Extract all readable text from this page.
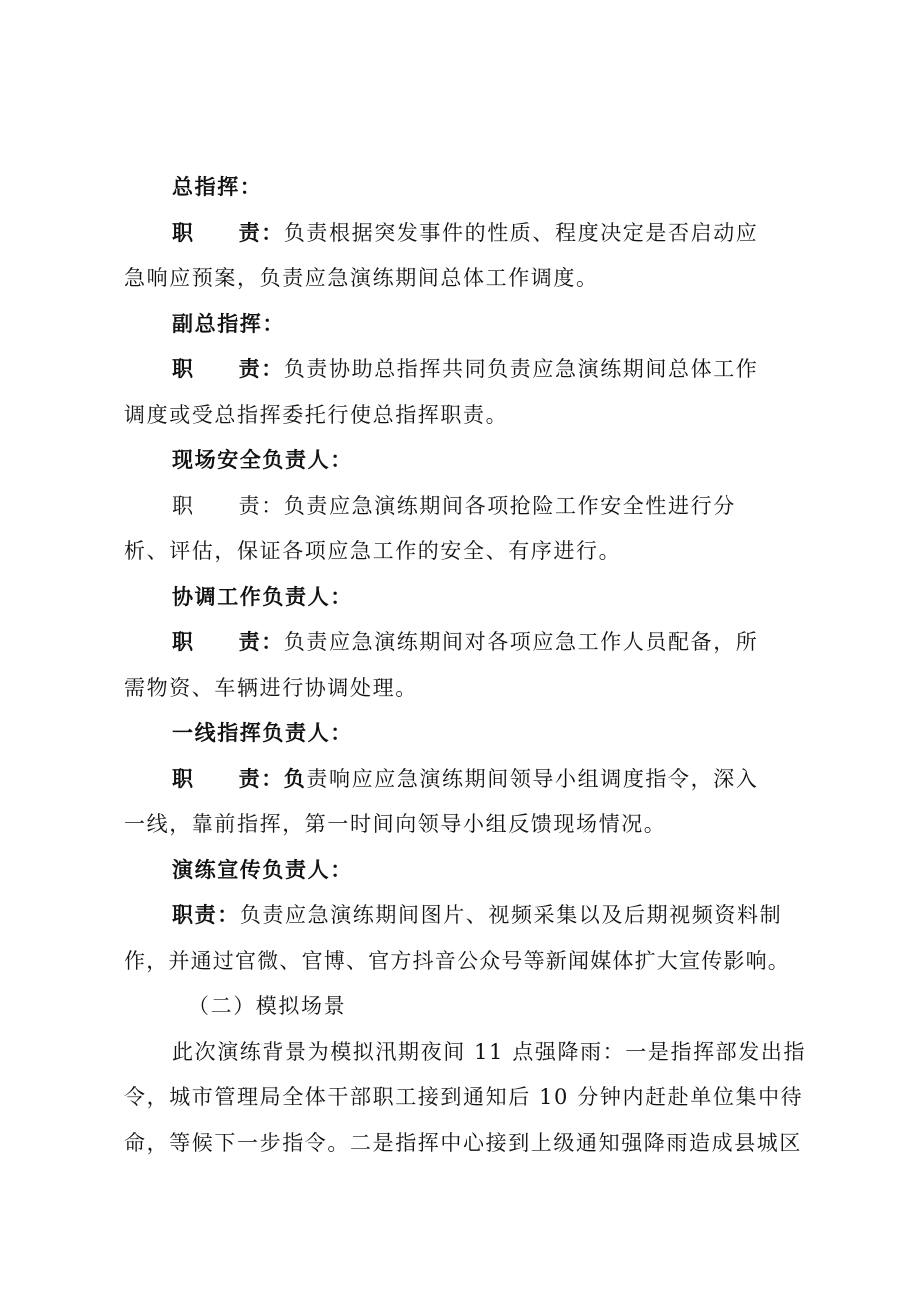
总指挥：
职 责：负责根据突发事件的性质、程度决定是否启动应
急响应预案，负责应急演练期间总体工作调度。
副总指挥：
职 责：负责协助总指挥共同负责应急演练期间总体工作
调度或受总指挥委托行使总指挥职责。
现场安全负责人：
职 责：负责应急演练期间各项抢险工作安全性进行分
析、评估，保证各项应急工作的安全、有序进行。
协调工作负责人：
职 责：负责应急演练期间对各项应急工作人员配备，所
需物资、车辆进行协调处理。
一线指挥负责人：
职 责：负责响应应急演练期间领导小组调度指令，深入
一线，靠前指挥，第一时间向领导小组反馈现场情况。
演练宣传负责人：
职责：负责应急演练期间图片、视频采集以及后期视频资料制
作，并通过官微、官博、官方抖音公众号等新闻媒体扩大宣传影响。
（二）模拟场景
此次演练背景为模拟汛期夜间 11 点强降雨：一是指挥部发出指
令，城市管理局全体干部职工接到通知后 10 分钟内赶赴单位集中待
命，等候下一步指令。二是指挥中心接到上级通知强降雨造成县城区
